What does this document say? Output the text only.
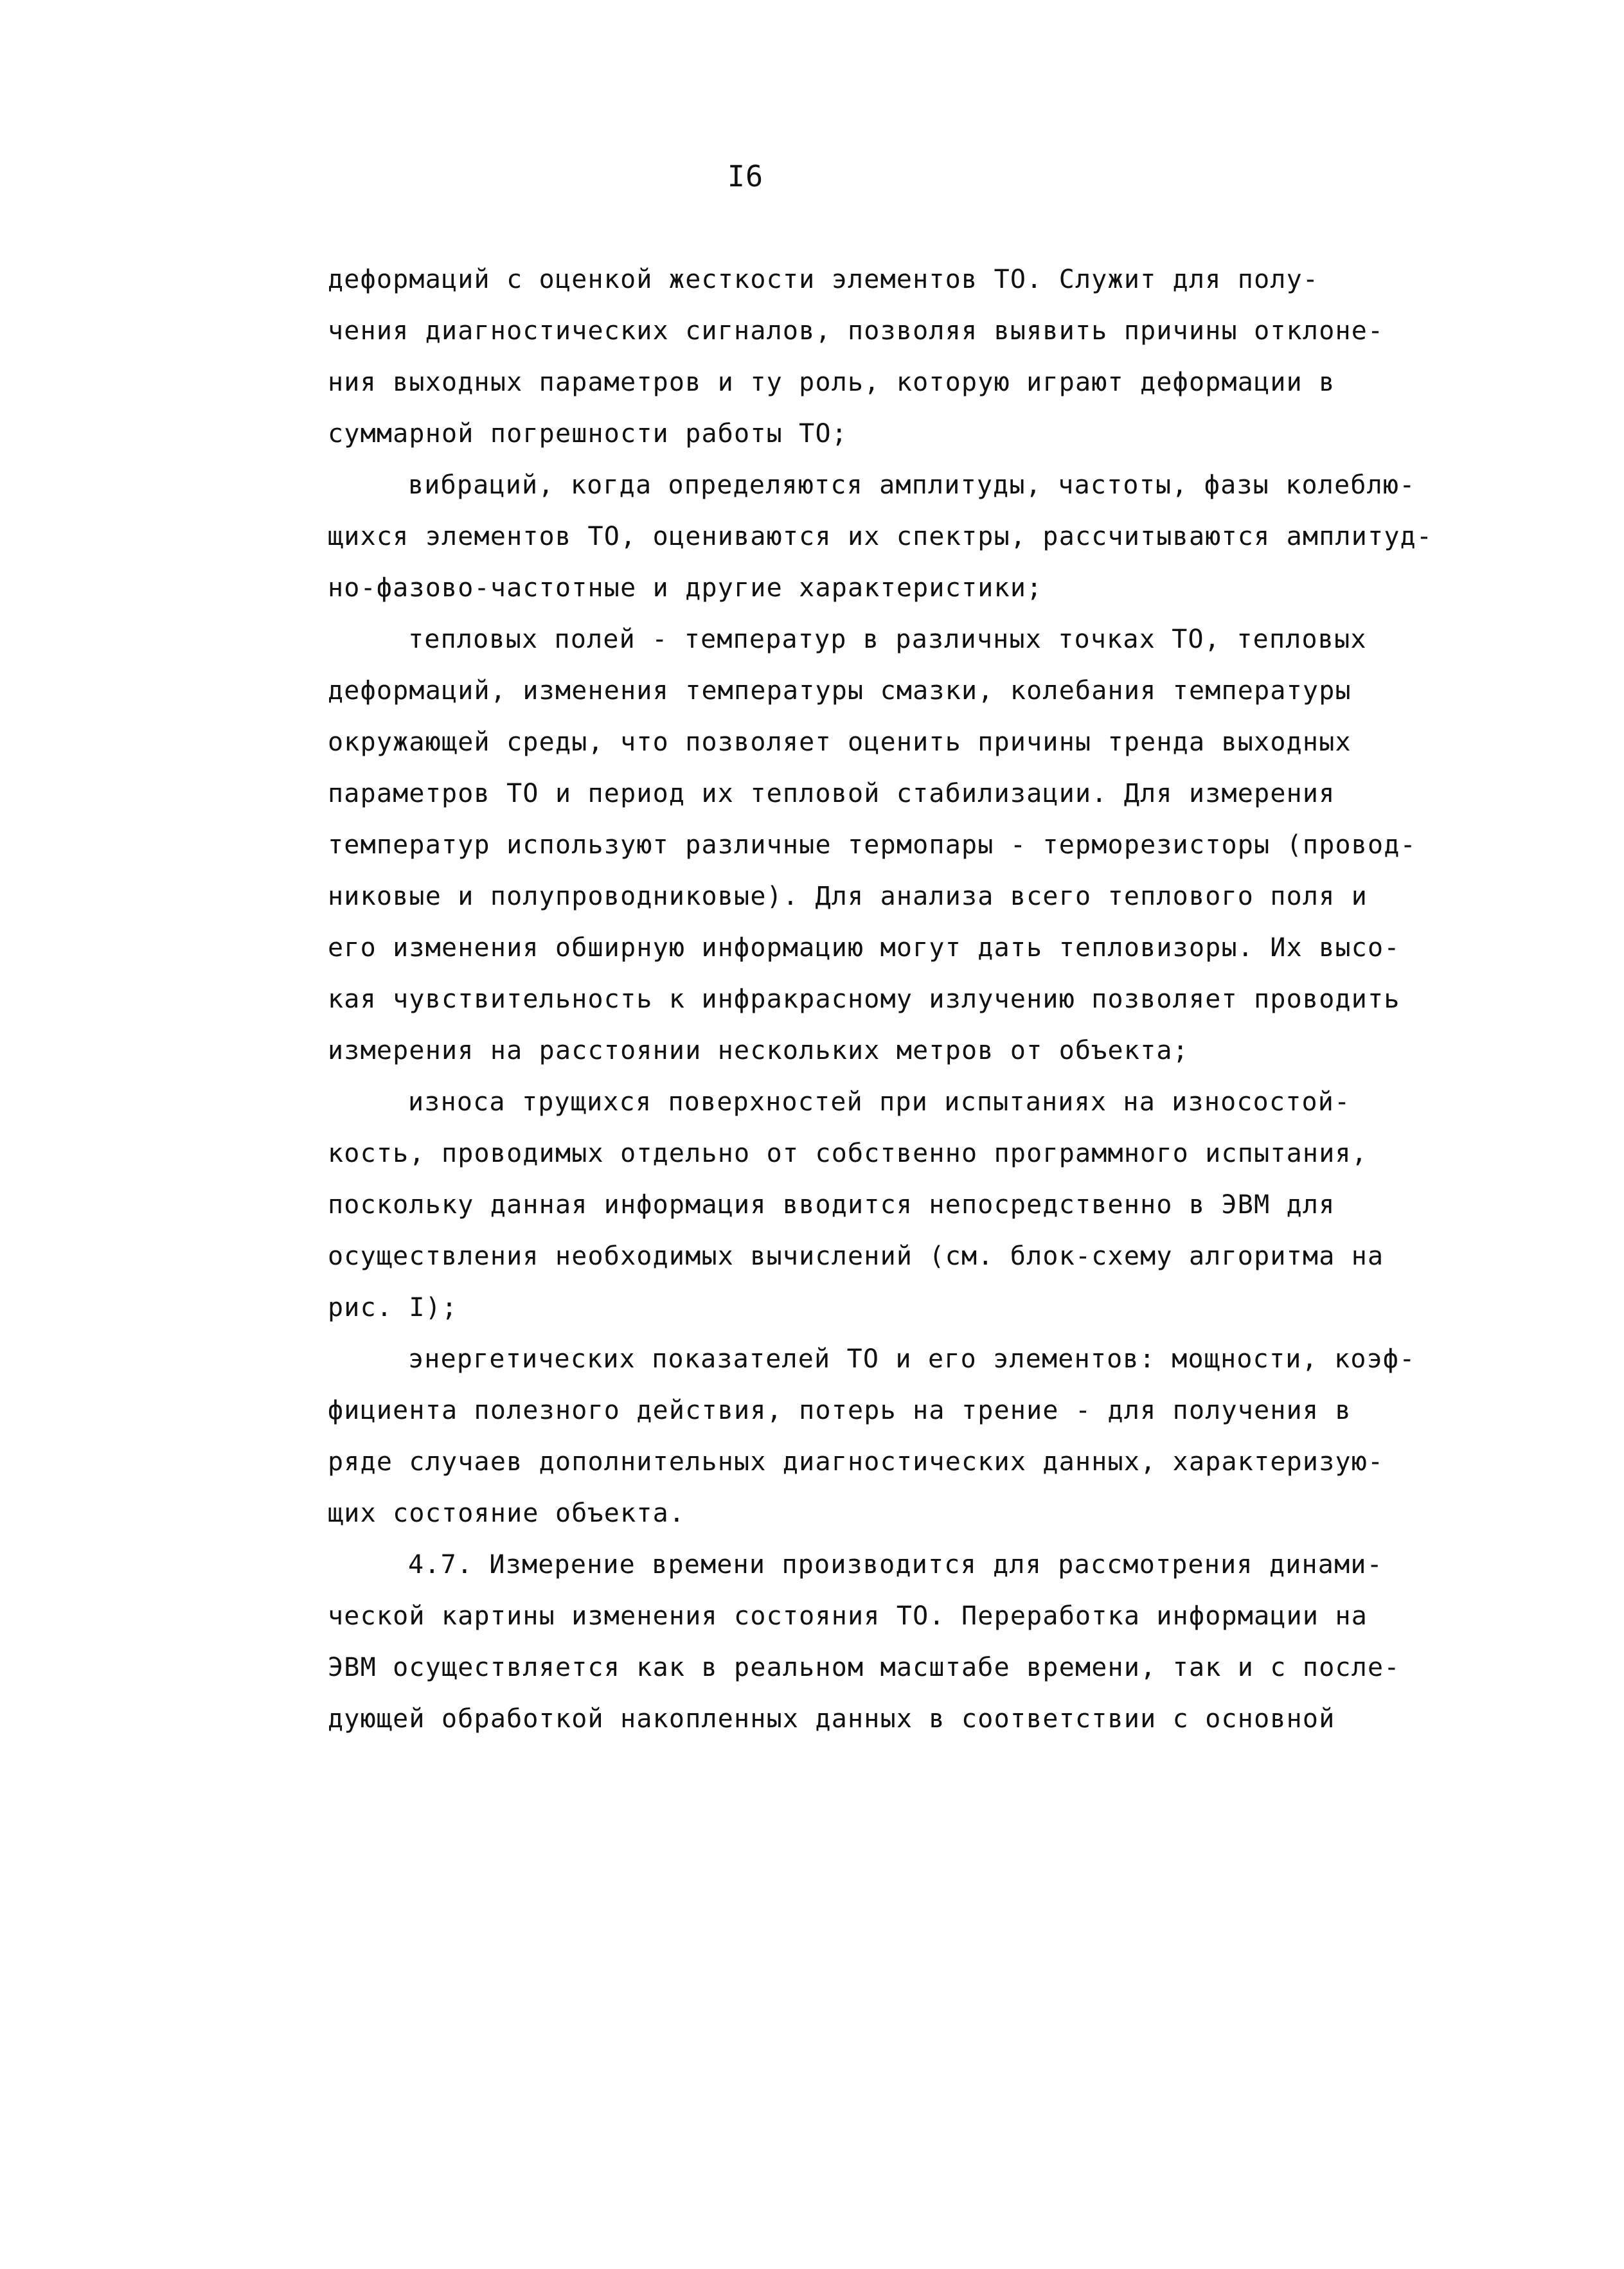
I6
деформаций с оценкой жесткости элементов ТО. Служит для полу-
чения диагностических сигналов, позволяя выявить причины отклоне-
ния выходных параметров и ту роль, которую играют деформации в
суммарной погрешности работы ТО;
вибраций, когда определяются амплитуды, частоты, фазы колеблю-
щихся элементов ТО, оцениваются их спектры, рассчитываются амплитуд-
но-фазово-частотные и другие характеристики;
тепловых полей - температур в различных точках ТО, тепловых
деформаций, изменения температуры смазки, колебания температуры
окружающей среды, что позволяет оценить причины тренда выходных
параметров ТО и период их тепловой стабилизации. Для измерения
температур используют различные термопары - терморезисторы (провод-
никовые и полупроводниковые). Для анализа всего теплового поля и
его изменения обширную информацию могут дать тепловизоры. Их высо-
кая чувствительность к инфракрасному излучению позволяет проводить
измерения на расстоянии нескольких метров от объекта;
износа трущихся поверхностей при испытаниях на износостой-
кость, проводимых отдельно от собственно программного испытания,
поскольку данная информация вводится непосредственно в ЭВМ для
осуществления необходимых вычислений (см. блок-схему алгоритма на
рис. I);
энергетических показателей ТО и его элементов: мощности, коэф-
фициента полезного действия, потерь на трение - для получения в
ряде случаев дополнительных диагностических данных, характеризую-
щих состояние объекта.
4.7. Измерение времени производится для рассмотрения динами-
ческой картины изменения состояния ТО. Переработка информации на
ЭВМ осуществляется как в реальном масштабе времени, так и с после-
дующей обработкой накопленных данных в соответствии с основной
